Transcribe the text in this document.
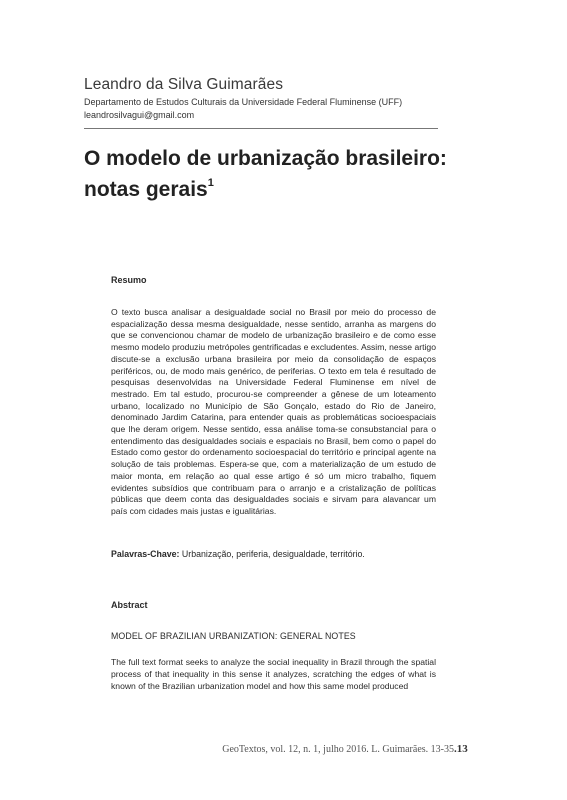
Leandro da Silva Guimarães
Departamento de Estudos Culturais da Universidade Federal Fluminense (UFF)
leandrosilvagui@gmail.com
O modelo de urbanização brasileiro: notas gerais$^1$
Resumo

O texto busca analisar a desigualdade social no Brasil por meio do processo de espacialização dessa mesma desigualdade, nesse sentido, arranha as margens do que se convencionou chamar de modelo de urbanização brasileiro e de como esse mesmo modelo produziu metrópoles gentrificadas e excludentes. Assim, nesse artigo discute-se a exclusão urbana brasileira por meio da consolidação de espaços periféricos, ou, de modo mais genérico, de periferias. O texto em tela é resultado de pesquisas desenvolvidas na Universidade Federal Fluminense em nível de mestrado. Em tal estudo, procurou-se compreender a gênese de um loteamento urbano, localizado no Município de São Gonçalo, estado do Rio de Janeiro, denominado Jardim Catarina, para entender quais as problemáticas socioespaciais que lhe deram origem. Nesse sentido, essa análise toma-se consubstancial para o entendimento das desigualdades sociais e espaciais no Brasil, bem como o papel do Estado como gestor do ordenamento socioespacial do território e principal agente na solução de tais problemas. Espera-se que, com a materialização de um estudo de maior monta, em relação ao qual esse artigo é só um micro trabalho, fiquem evidentes subsídios que contribuam para o arranjo e a cristalização de políticas públicas que deem conta das desigualdades sociais e sirvam para alavancar um país com cidades mais justas e igualitárias.

Palavras-Chave: Urbanização, periferia, desigualdade, território.
Abstract
MODEL OF BRAZILIAN URBANIZATION: GENERAL NOTES

The full text format seeks to analyze the social inequality in Brazil through the spatial process of that inequality in this sense it analyzes, scratching the edges of what is known of the Brazilian urbanization model and how this same model produced

GeoTextos, vol. 12, n. 1, julho 2016. L. Guimarães. 13-35 .13
